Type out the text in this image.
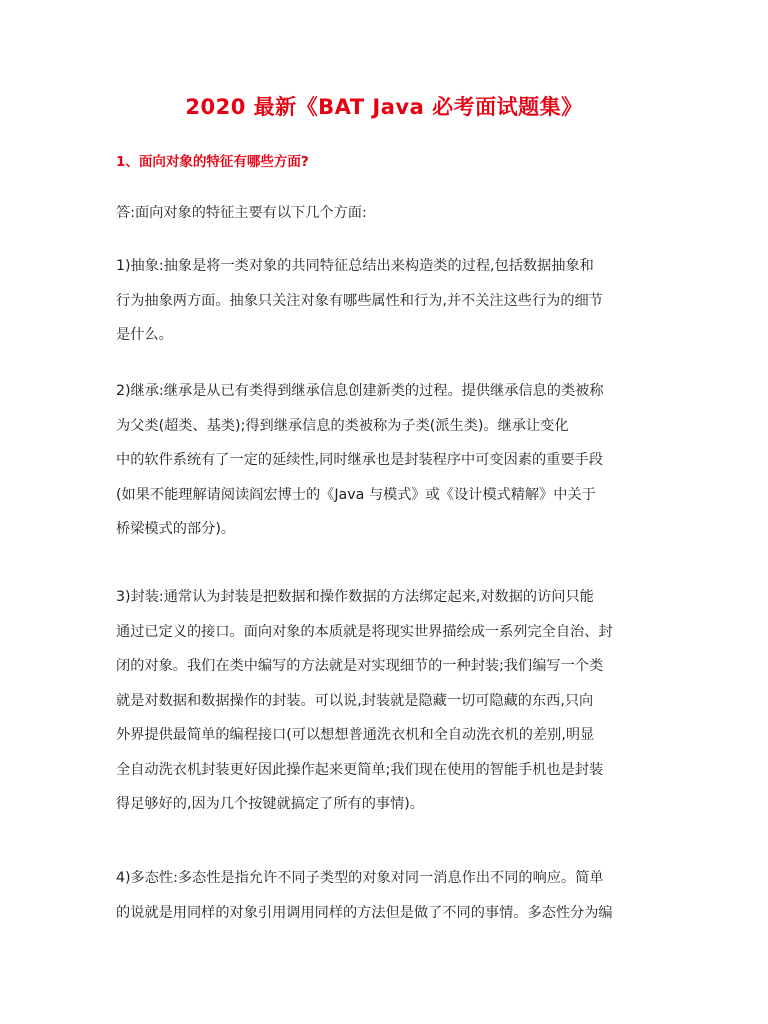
2020 最新《BAT Java 必考面试题集》
1、面向对象的特征有哪些方面?
答:面向对象的特征主要有以下几个方面:
1)抽象:抽象是将一类对象的共同特征总结出来构造类的过程,包括数据抽象和
行为抽象两方面。抽象只关注对象有哪些属性和行为,并不关注这些行为的细节
是什么。
2)继承:继承是从已有类得到继承信息创建新类的过程。提供继承信息的类被称
为父类(超类、基类);得到继承信息的类被称为子类(派生类)。继承让变化
中的软件系统有了一定的延续性,同时继承也是封装程序中可变因素的重要手段
(如果不能理解请阅读阎宏博士的《Java 与模式》或《设计模式精解》中关于
桥梁模式的部分)。
3)封装:通常认为封装是把数据和操作数据的方法绑定起来,对数据的访问只能
通过已定义的接口。面向对象的本质就是将现实世界描绘成一系列完全自治、封
闭的对象。我们在类中编写的方法就是对实现细节的一种封装;我们编写一个类
就是对数据和数据操作的封装。可以说,封装就是隐藏一切可隐藏的东西,只向
外界提供最简单的编程接口(可以想想普通洗衣机和全自动洗衣机的差别,明显
全自动洗衣机封装更好因此操作起来更简单;我们现在使用的智能手机也是封装
得足够好的,因为几个按键就搞定了所有的事情)。
4)多态性:多态性是指允许不同子类型的对象对同一消息作出不同的响应。简单
的说就是用同样的对象引用调用同样的方法但是做了不同的事情。多态性分为编
